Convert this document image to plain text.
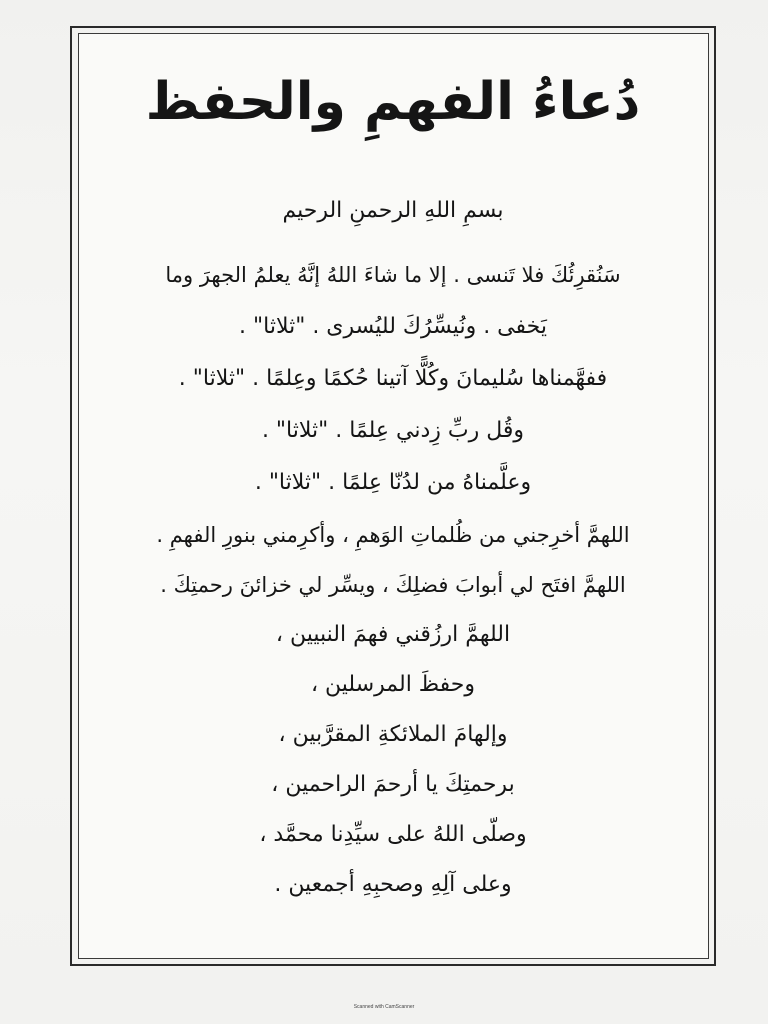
دُعاءُ الفهمِ والحفظ
بسمِ اللهِ الرحمنِ الرحيم
سَنُقرِئُكَ فلا تَنسى . إلا ما شاءَ اللهُ إنَّهُ يعلمُ الجهرَ وما
يَخفى . ونُيسِّرُكَ لليُسرى . "ثلاثا" .
ففهَّمناها سُليمانَ وكُلًّا آتينا حُكمًا وعِلمًا . "ثلاثا" .
وقُل ربِّ زِدني عِلمًا . "ثلاثا" .
وعلَّمناهُ من لدُنّا عِلمًا . "ثلاثا" .
اللهمَّ أخرِجني من ظُلماتِ الوَهمِ ، وأكرِمني بنورِ الفهمِ .
اللهمَّ افتَح لي أبوابَ فضلِكَ ، ويسِّر لي خزائنَ رحمتِكَ .
اللهمَّ ارزُقني فهمَ النبيين ،
وحفظَ المرسلين ،
وإلهامَ الملائكةِ المقرَّبين ،
برحمتِكَ يا أرحمَ الراحمين ،
وصلّى اللهُ على سيِّدِنا محمَّد ،
وعلى آلِهِ وصحبِهِ أجمعين .
Scanned with CamScanner
